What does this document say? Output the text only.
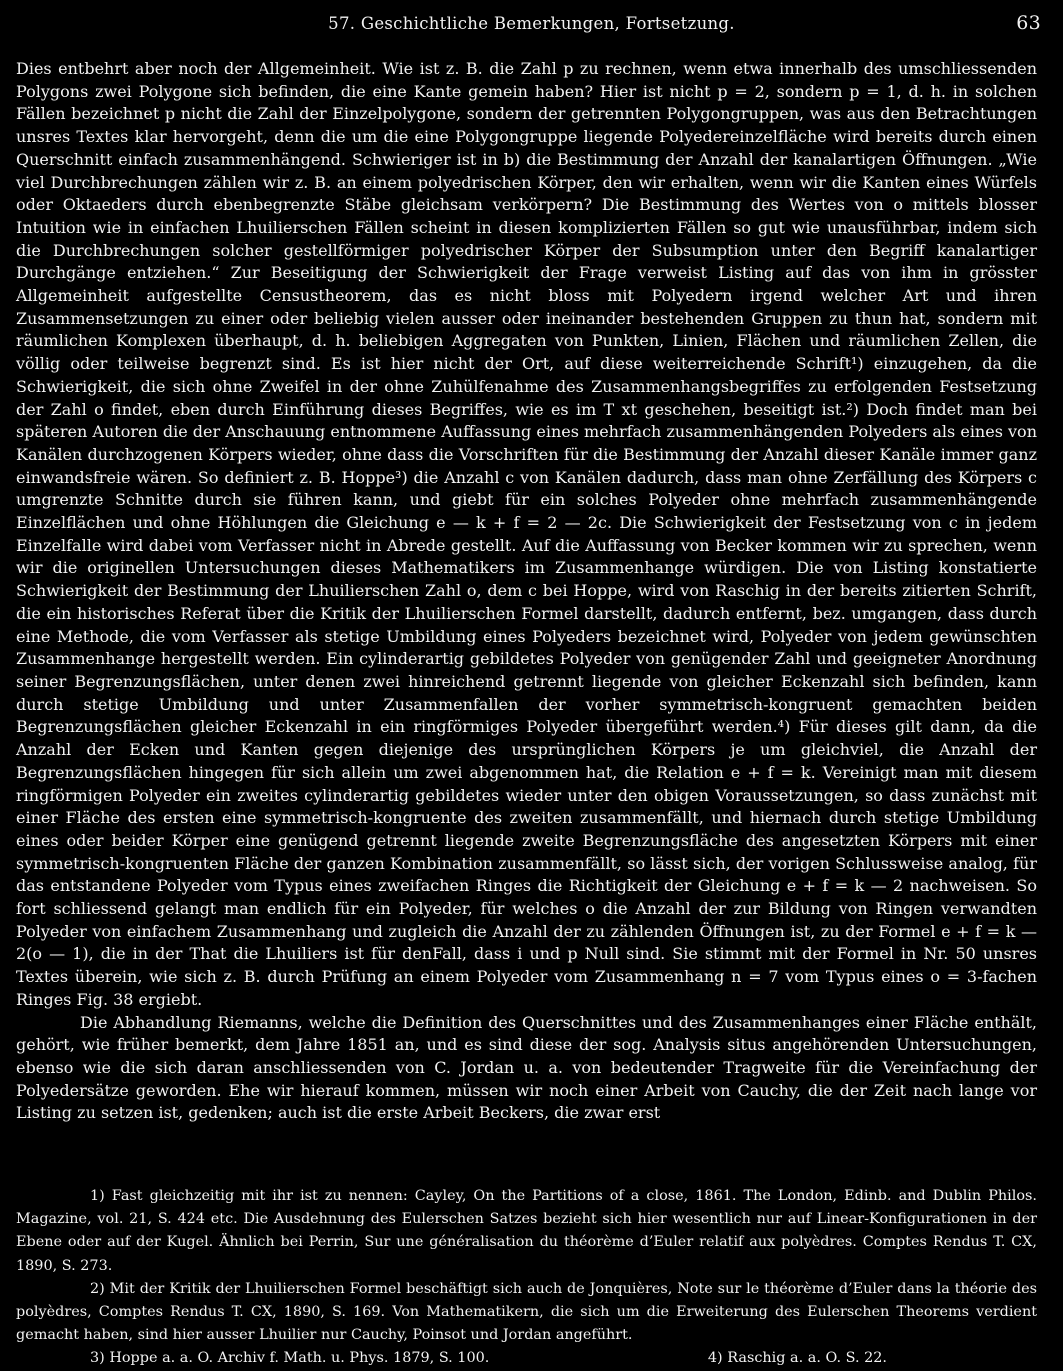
57. Geschichtliche Bemerkungen, Fortsetzung.	63

Dies entbehrt aber noch der Allgemeinheit. Wie ist z. B. die Zahl p zu rechnen, wenn etwa innerhalb des umschliessenden Polygons zwei Polygone sich befinden, die eine Kante gemein haben? Hier ist nicht p = 2, sondern p = 1, d. h. in solchen Fällen bezeichnet p nicht die Zahl der Einzelpolygone, sondern der getrennten Polygongruppen, was aus den Betrachtungen unsres Textes klar hervorgeht, denn die um die eine Polygongruppe liegende Polyedereinzelfläche wird bereits durch einen Querschnitt einfach zusammenhängend. Schwieriger ist in b) die Bestimmung der Anzahl der kanalartigen Öffnungen. „Wie viel Durchbrechungen zählen wir z. B. an einem polyedrischen Körper, den wir erhalten, wenn wir die Kanten eines Würfels oder Oktaeders durch ebenbegrenzte Stäbe gleichsam verkörpern? Die Bestimmung des Wertes von o mittels blosser Intuition wie in einfachen Lhuilierschen Fällen scheint in diesen komplizierten Fällen so gut wie unausführbar, indem sich die Durchbrechungen solcher gestellförmiger polyedrischer Körper der Subsumption unter den Begriff kanalartiger Durchgänge entziehen.“ Zur Beseitigung der Schwierigkeit der Frage verweist Listing auf das von ihm in grösster Allgemeinheit aufgestellte Censustheorem, das es nicht bloss mit Polyedern irgend welcher Art und ihren Zusammensetzungen zu einer oder beliebig vielen ausser oder ineinander bestehenden Gruppen zu thun hat, sondern mit räumlichen Komplexen überhaupt, d. h. beliebigen Aggregaten von Punkten, Linien, Flächen und räumlichen Zellen, die völlig oder teilweise begrenzt sind. Es ist hier nicht der Ort, auf diese weiterreichende Schrift¹) einzugehen, da die Schwierigkeit, die sich ohne Zweifel in der ohne Zuhülfenahme des Zusammenhangsbegriffes zu erfolgenden Festsetzung der Zahl o findet, eben durch Einführung dieses Begriffes, wie es im T xt geschehen, beseitigt ist.²) Doch findet man bei späteren Autoren die der Anschauung entnommene Auffassung eines mehrfach zusammenhängenden Polyeders als eines von Kanälen durchzogenen Körpers wieder, ohne dass die Vorschriften für die Bestimmung der Anzahl dieser Kanäle immer ganz einwandsfreie wären. So definiert z. B. Hoppe³) die Anzahl c von Kanälen dadurch, dass man ohne Zerfällung des Körpers c umgrenzte Schnitte durch sie führen kann, und giebt für ein solches Polyeder ohne mehrfach zusammenhängende Einzelflächen und ohne Höhlungen die Gleichung e — k + f = 2 — 2c. Die Schwierigkeit der Festsetzung von c in jedem Einzelfalle wird dabei vom Verfasser nicht in Abrede gestellt. Auf die Auffassung von Becker kommen wir zu sprechen, wenn wir die originellen Untersuchungen dieses Mathematikers im Zusammenhange würdigen. Die von Listing konstatierte Schwierigkeit der Bestimmung der Lhuilierschen Zahl o, dem c bei Hoppe, wird von Raschig in der bereits zitierten Schrift, die ein historisches Referat über die Kritik der Lhuilierschen Formel darstellt, dadurch entfernt, bez. umgangen, dass durch eine Methode, die vom Verfasser als stetige Umbildung eines Polyeders bezeichnet wird, Polyeder von jedem gewünschten Zusammenhange hergestellt werden. Ein cylinderartig gebildetes Polyeder von genügender Zahl und geeigneter Anordnung seiner Begrenzungsflächen, unter denen zwei hinreichend getrennt liegende von gleicher Eckenzahl sich befinden, kann durch stetige Umbildung und unter Zusammenfallen der vorher symmetrisch-kongruent gemachten beiden Begrenzungsflächen gleicher Eckenzahl in ein ringförmiges Polyeder übergeführt werden.⁴) Für dieses gilt dann, da die Anzahl der Ecken und Kanten gegen diejenige des ursprünglichen Körpers je um gleichviel, die Anzahl der Begrenzungsflächen hingegen für sich allein um zwei abgenommen hat, die Relation e + f = k. Vereinigt man mit diesem ringförmigen Polyeder ein zweites cylinderartig gebildetes wieder unter den obigen Voraussetzungen, so dass zunächst mit einer Fläche des ersten eine symmetrisch-kongruente des zweiten zusammenfällt, und hiernach durch stetige Umbildung eines oder beider Körper eine genügend getrennt liegende zweite Begrenzungsfläche des angesetzten Körpers mit einer symmetrisch-kongruenten Fläche der ganzen Kombination zusammenfällt, so lässt sich, der vorigen Schlussweise analog, für das entstandene Polyeder vom Typus eines zweifachen Ringes die Richtigkeit der Gleichung e + f = k — 2 nachweisen. So fort schliessend gelangt man endlich für ein Polyeder, für welches o die Anzahl der zur Bildung von Ringen verwandten Polyeder von einfachem Zusammenhang und zugleich die Anzahl der zu zählenden Öffnungen ist, zu der Formel e + f = k — 2(o — 1), die in der That die Lhuiliers ist für denFall, dass i und p Null sind. Sie stimmt mit der Formel in Nr. 50 unsres Textes überein, wie sich z. B. durch Prüfung an einem Polyeder vom Zusammenhang n = 7 vom Typus eines o = 3-fachen Ringes Fig. 38 ergiebt.

Die Abhandlung Riemanns, welche die Definition des Querschnittes und des Zusammenhanges einer Fläche enthält, gehört, wie früher bemerkt, dem Jahre 1851 an, und es sind diese der sog. Analysis situs angehörenden Untersuchungen, ebenso wie die sich daran anschliessenden von C. Jordan u. a. von bedeutender Tragweite für die Vereinfachung der Polyedersätze geworden. Ehe wir hierauf kommen, müssen wir noch einer Arbeit von Cauchy, die der Zeit nach lange vor Listing zu setzen ist, gedenken; auch ist die erste Arbeit Beckers, die zwar erst

1) Fast gleichzeitig mit ihr ist zu nennen: Cayley, On the Partitions of a close, 1861. The London, Edinb. and Dublin Philos. Magazine, vol. 21, S. 424 etc. Die Ausdehnung des Eulerschen Satzes bezieht sich hier wesentlich nur auf Linear-Konfigurationen in der Ebene oder auf der Kugel. Ähnlich bei Perrin, Sur une généralisation du théorème d’Euler relatif aux polyèdres. Comptes Rendus T. CX, 1890, S. 273.

2) Mit der Kritik der Lhuilierschen Formel beschäftigt sich auch de Jonquières, Note sur le théorème d’Euler dans la théorie des polyèdres, Comptes Rendus T. CX, 1890, S. 169. Von Mathematikern, die sich um die Erweiterung des Eulerschen Theorems verdient gemacht haben, sind hier ausser Lhuilier nur Cauchy, Poinsot und Jordan angeführt.

3) Hoppe a. a. O. Archiv f. Math. u. Phys. 1879, S. 100.	4) Raschig a. a. O. S. 22.
